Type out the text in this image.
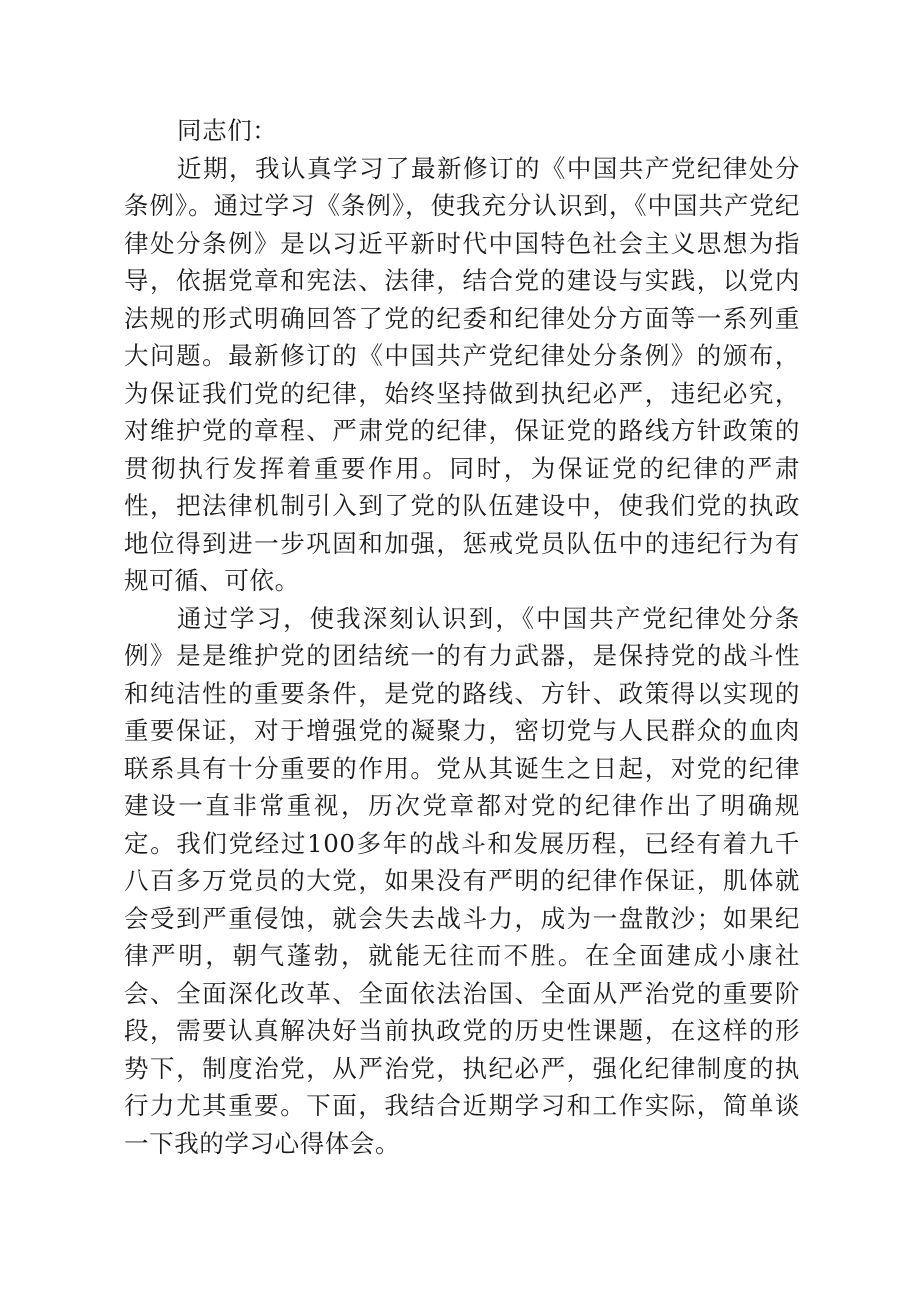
同志们：

近期，我认真学习了最新修订的《中国共产党纪律处分条例》。通过学习《条例》，使我充分认识到，《中国共产党纪律处分条例》是以习近平新时代中国特色社会主义思想为指导，依据党章和宪法、法律，结合党的建设与实践，以党内法规的形式明确回答了党的纪委和纪律处分方面等一系列重大问题。最新修订的《中国共产党纪律处分条例》的颁布，为保证我们党的纪律，始终坚持做到执纪必严，违纪必究，对维护党的章程、严肃党的纪律，保证党的路线方针政策的贯彻执行发挥着重要作用。同时，为保证党的纪律的严肃性，把法律机制引入到了党的队伍建设中，使我们党的执政地位得到进一步巩固和加强，惩戒党员队伍中的违纪行为有规可循、可依。

通过学习，使我深刻认识到，《中国共产党纪律处分条例》是是维护党的团结统一的有力武器，是保持党的战斗性和纯洁性的重要条件，是党的路线、方针、政策得以实现的重要保证，对于增强党的凝聚力，密切党与人民群众的血肉联系具有十分重要的作用。党从其诞生之日起，对党的纪律建设一直非常重视，历次党章都对党的纪律作出了明确规定。我们党经过100多年的战斗和发展历程，已经有着九千八百多万党员的大党，如果没有严明的纪律作保证，肌体就会受到严重侵蚀，就会失去战斗力，成为一盘散沙；如果纪律严明，朝气蓬勃，就能无往而不胜。在全面建成小康社会、全面深化改革、全面依法治国、全面从严治党的重要阶段，需要认真解决好当前执政党的历史性课题，在这样的形势下，制度治党，从严治党，执纪必严，强化纪律制度的执行力尤其重要。下面，我结合近期学习和工作实际，简单谈一下我的学习心得体会。
